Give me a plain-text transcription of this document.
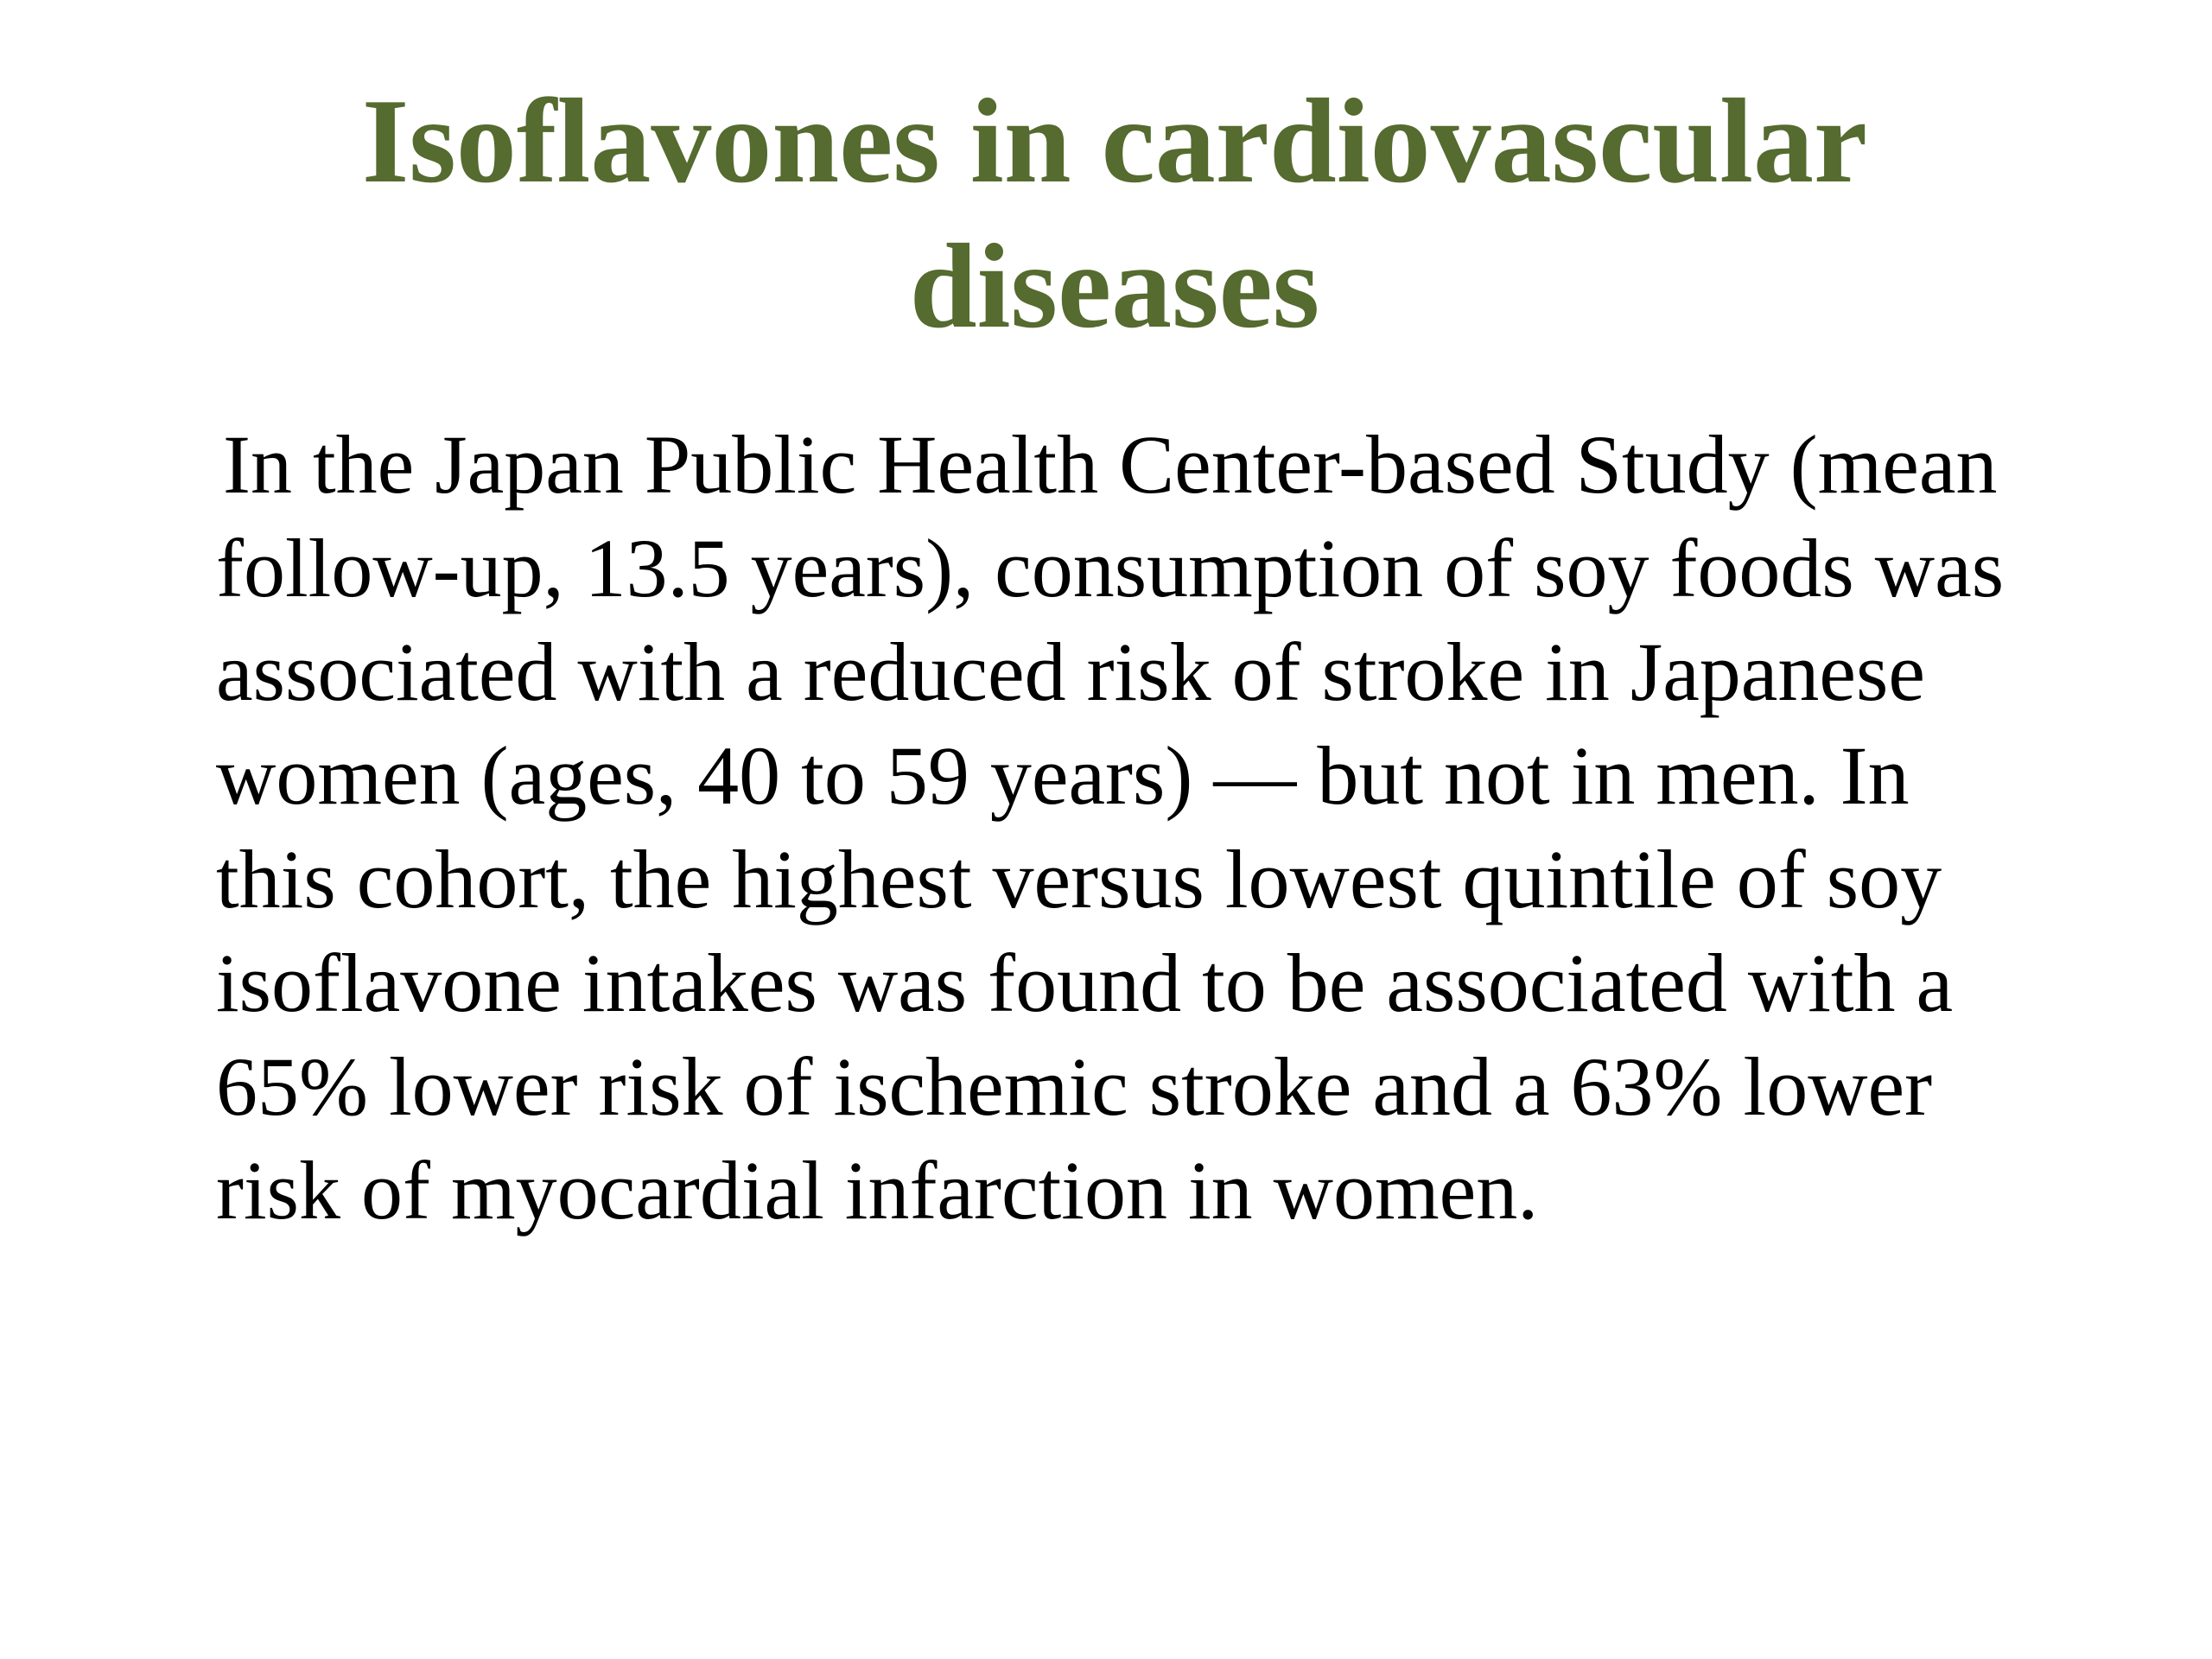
Isoflavones in cardiovascular
diseases

In the Japan Public Health Center-based Study (mean
follow-up, 13.5 years), consumption of soy foods was
associated with a reduced risk of stroke in Japanese
women (ages, 40 to 59 years) — but not in men. In
this cohort, the highest versus lowest quintile of soy
isoflavone intakes was found to be associated with a
65% lower risk of ischemic stroke and a 63% lower
risk of myocardial infarction in women.
